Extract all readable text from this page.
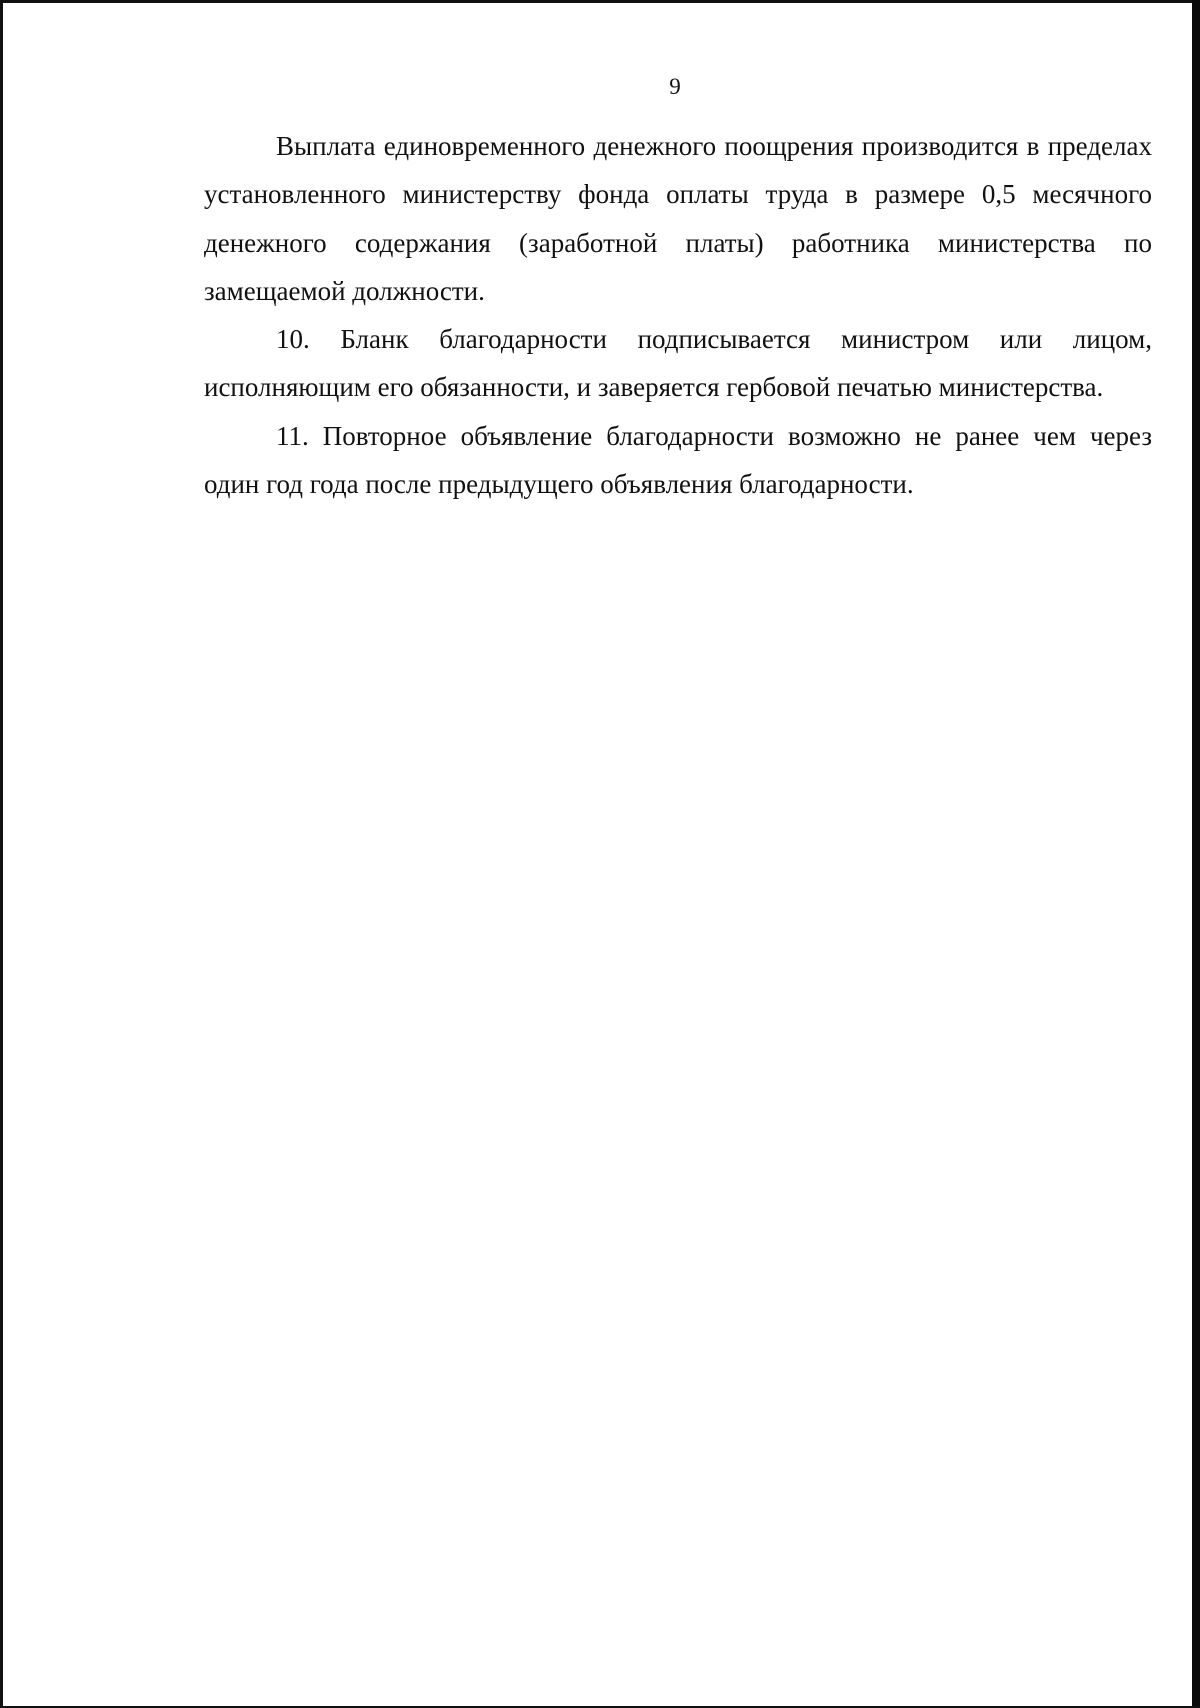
9

Выплата единовременного денежного поощрения производится в пределах установленного министерству фонда оплаты труда в размере 0,5 месячного денежного содержания (заработной платы) работника министерства по замещаемой должности.

10. Бланк благодарности подписывается министром или лицом, исполняющим его обязанности, и заверяется гербовой печатью министерства.

11. Повторное объявление благодарности возможно не ранее чем через один год года после предыдущего объявления благодарности.
